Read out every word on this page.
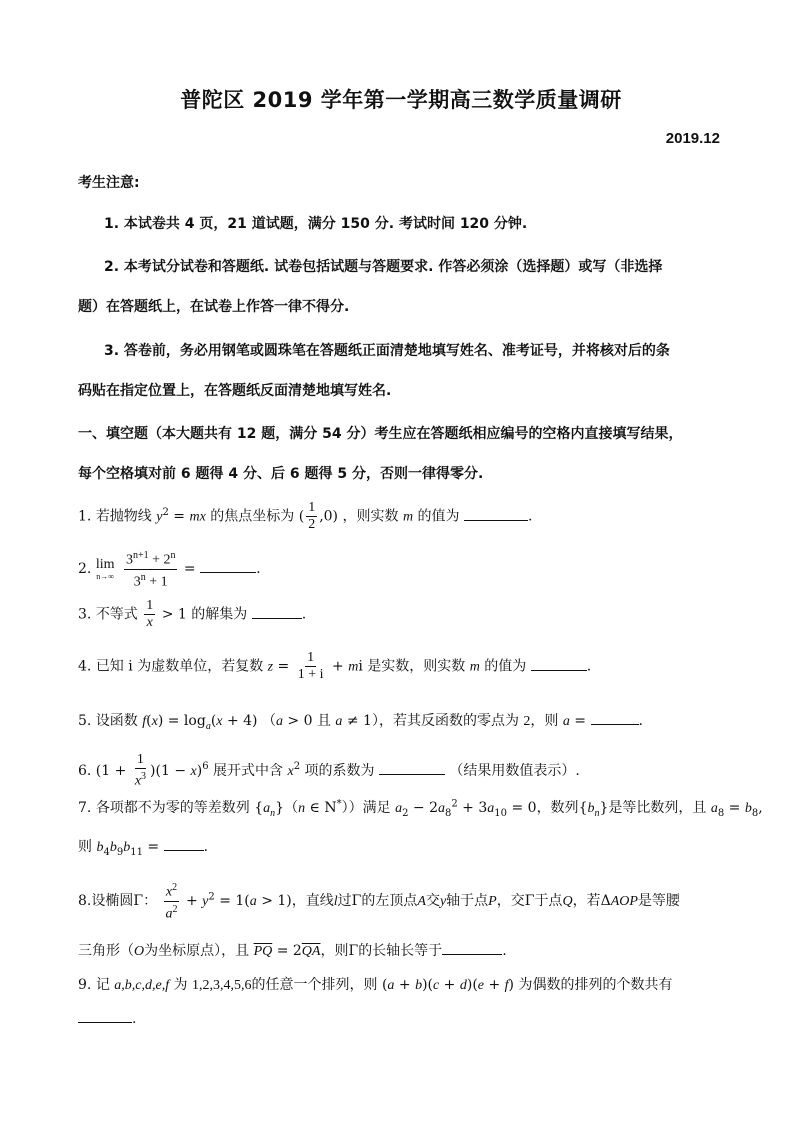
普陀区 2019 学年第一学期高三数学质量调研
2019.12
考生注意:
1. 本试卷共 4 页，21 道试题，满分 150 分. 考试时间 120 分钟.
2. 本考试分试卷和答题纸. 试卷包括试题与答题要求. 作答必须涂（选择题）或写（非选择
题）在答题纸上，在试卷上作答一律不得分.
3. 答卷前，务必用钢笔或圆珠笔在答题纸正面清楚地填写姓名、准考证号，并将核对后的条
码贴在指定位置上，在答题纸反面清楚地填写姓名.
一、填空题（本大题共有 12 题，满分 54 分）考生应在答题纸相应编号的空格内直接填写结果，
每个空格填对前 6 题得 4 分、后 6 题得 5 分，否则一律得零分.
1. 若抛物线 $y^2$ = mx 的焦点坐标为 ( $\frac{1}{2} ,0$) ，则实数 m 的值为	.
2. lim
n→∞
$\frac{3^{n+1} + 2^n}{3^n + 1}$ =	.
3. 不等式 $\frac{1}{x} > 1$ 的解集为	.
4. 已知 i 为虚数单位，若复数 $z = \frac{1}{1 + i}$ + mi 是实数，则实数 m 的值为	.
5. 设函数 $f(x) = \log_a(x + 4) (a > 0$ 且 a ≠ 1），若其反函数的零点为 2，则 a =	.
6. $(1 + \frac{1}{x^3} )(1 - x)^6$ 展开式中含 $x^2$ 项的系数为	（结果用数值表示）.
7. 各项都不为零的等差数列 $\{a_n\}(n$ ∈ N*））满足 $a_2 - 2a_8^2 + 3a_{10} = 0$，数列$\{b_n\}$是等比数列，且 $a_8 = b_8$,
则 $b_4b_9b_{11}$ =	.
8.设椭圆Γ： $\frac{x^2}{a^2} + y^2 = 1(a > 1)$，直线l过Γ的左顶点A交y轴于点P，交Γ于点Q，若ΔAOP是等腰
三角形（O为坐标原点），且 $\overline{PQ} = 2\overline{QA}$，则Γ的长轴长等于	.
9. 记 a,b,c,d,e,f 为 1,2,3,4,5,6的任意一个排列，则 (a + b)(c + d)(e + f) 为偶数的排列的个数共有
.
